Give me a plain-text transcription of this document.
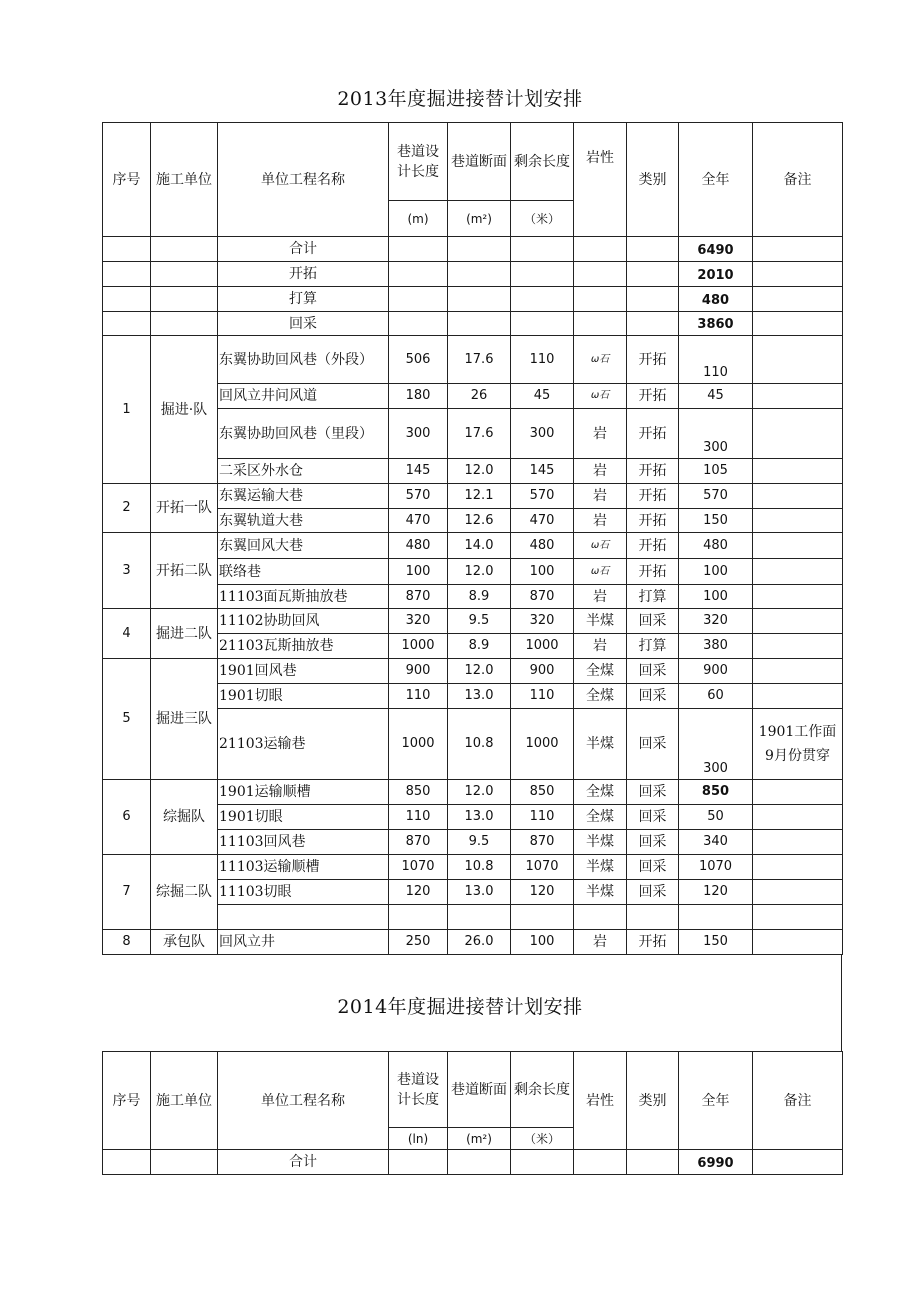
2013年度掘进接替计划安排
序号	施工单位	单位工程名称	巷道设计长度	巷道断面	剩余长度	岩性	类别	全年	备注
			(m)	(m²)	（米）				
		合计						6490	
		开拓						2010	
		打算						480	
		回采						3860	
1	掘进·队	东翼协助回风巷（外段）	506	17.6	110	ω石	开拓	110	
		回风立井问风道	180	26	45	ω石	开拓	45	
		东翼协助回风巷（里段）	300	17.6	300	岩	开拓	300	
		二采区外水仓	145	12.0	145	岩	开拓	105	
2	开拓一队	东翼运输大巷	570	12.1	570	岩	开拓	570	
		东翼轨道大巷	470	12.6	470	岩	开拓	150	
3	开拓二队	东翼回风大巷	480	14.0	480	ω石	开拓	480	
		联络巷	100	12.0	100	ω石	开拓	100	
		11103面瓦斯抽放巷	870	8.9	870	岩	打算	100	
4	掘进二队	11102协助回风	320	9.5	320	半煤	回采	320	
		21103瓦斯抽放巷	1000	8.9	1000	岩	打算	380	
5	掘进三队	1901回风巷	900	12.0	900	全煤	回采	900	
		1901切眼	110	13.0	110	全煤	回采	60	
		21103运输巷	1000	10.8	1000	半煤	回采	300	1901工作面9月份贯穿
6	综掘队	1901运输顺槽	850	12.0	850	全煤	回采	850	
		1901切眼	110	13.0	110	全煤	回采	50	
		11103回风巷	870	9.5	870	半煤	回采	340	
7	综掘二队	11103运输顺槽	1070	10.8	1070	半煤	回采	1070	
		11103切眼	120	13.0	120	半煤	回采	120	

8	承包队	回风立井	250	26.0	100	岩	开拓	150	
2014年度掘进接替计划安排
序号	施工单位	单位工程名称	巷道设计长度	巷道断面	剩余长度	岩性	类别	全年	备注
			(ln)	(m²)	（米）				
		合计						6990	
